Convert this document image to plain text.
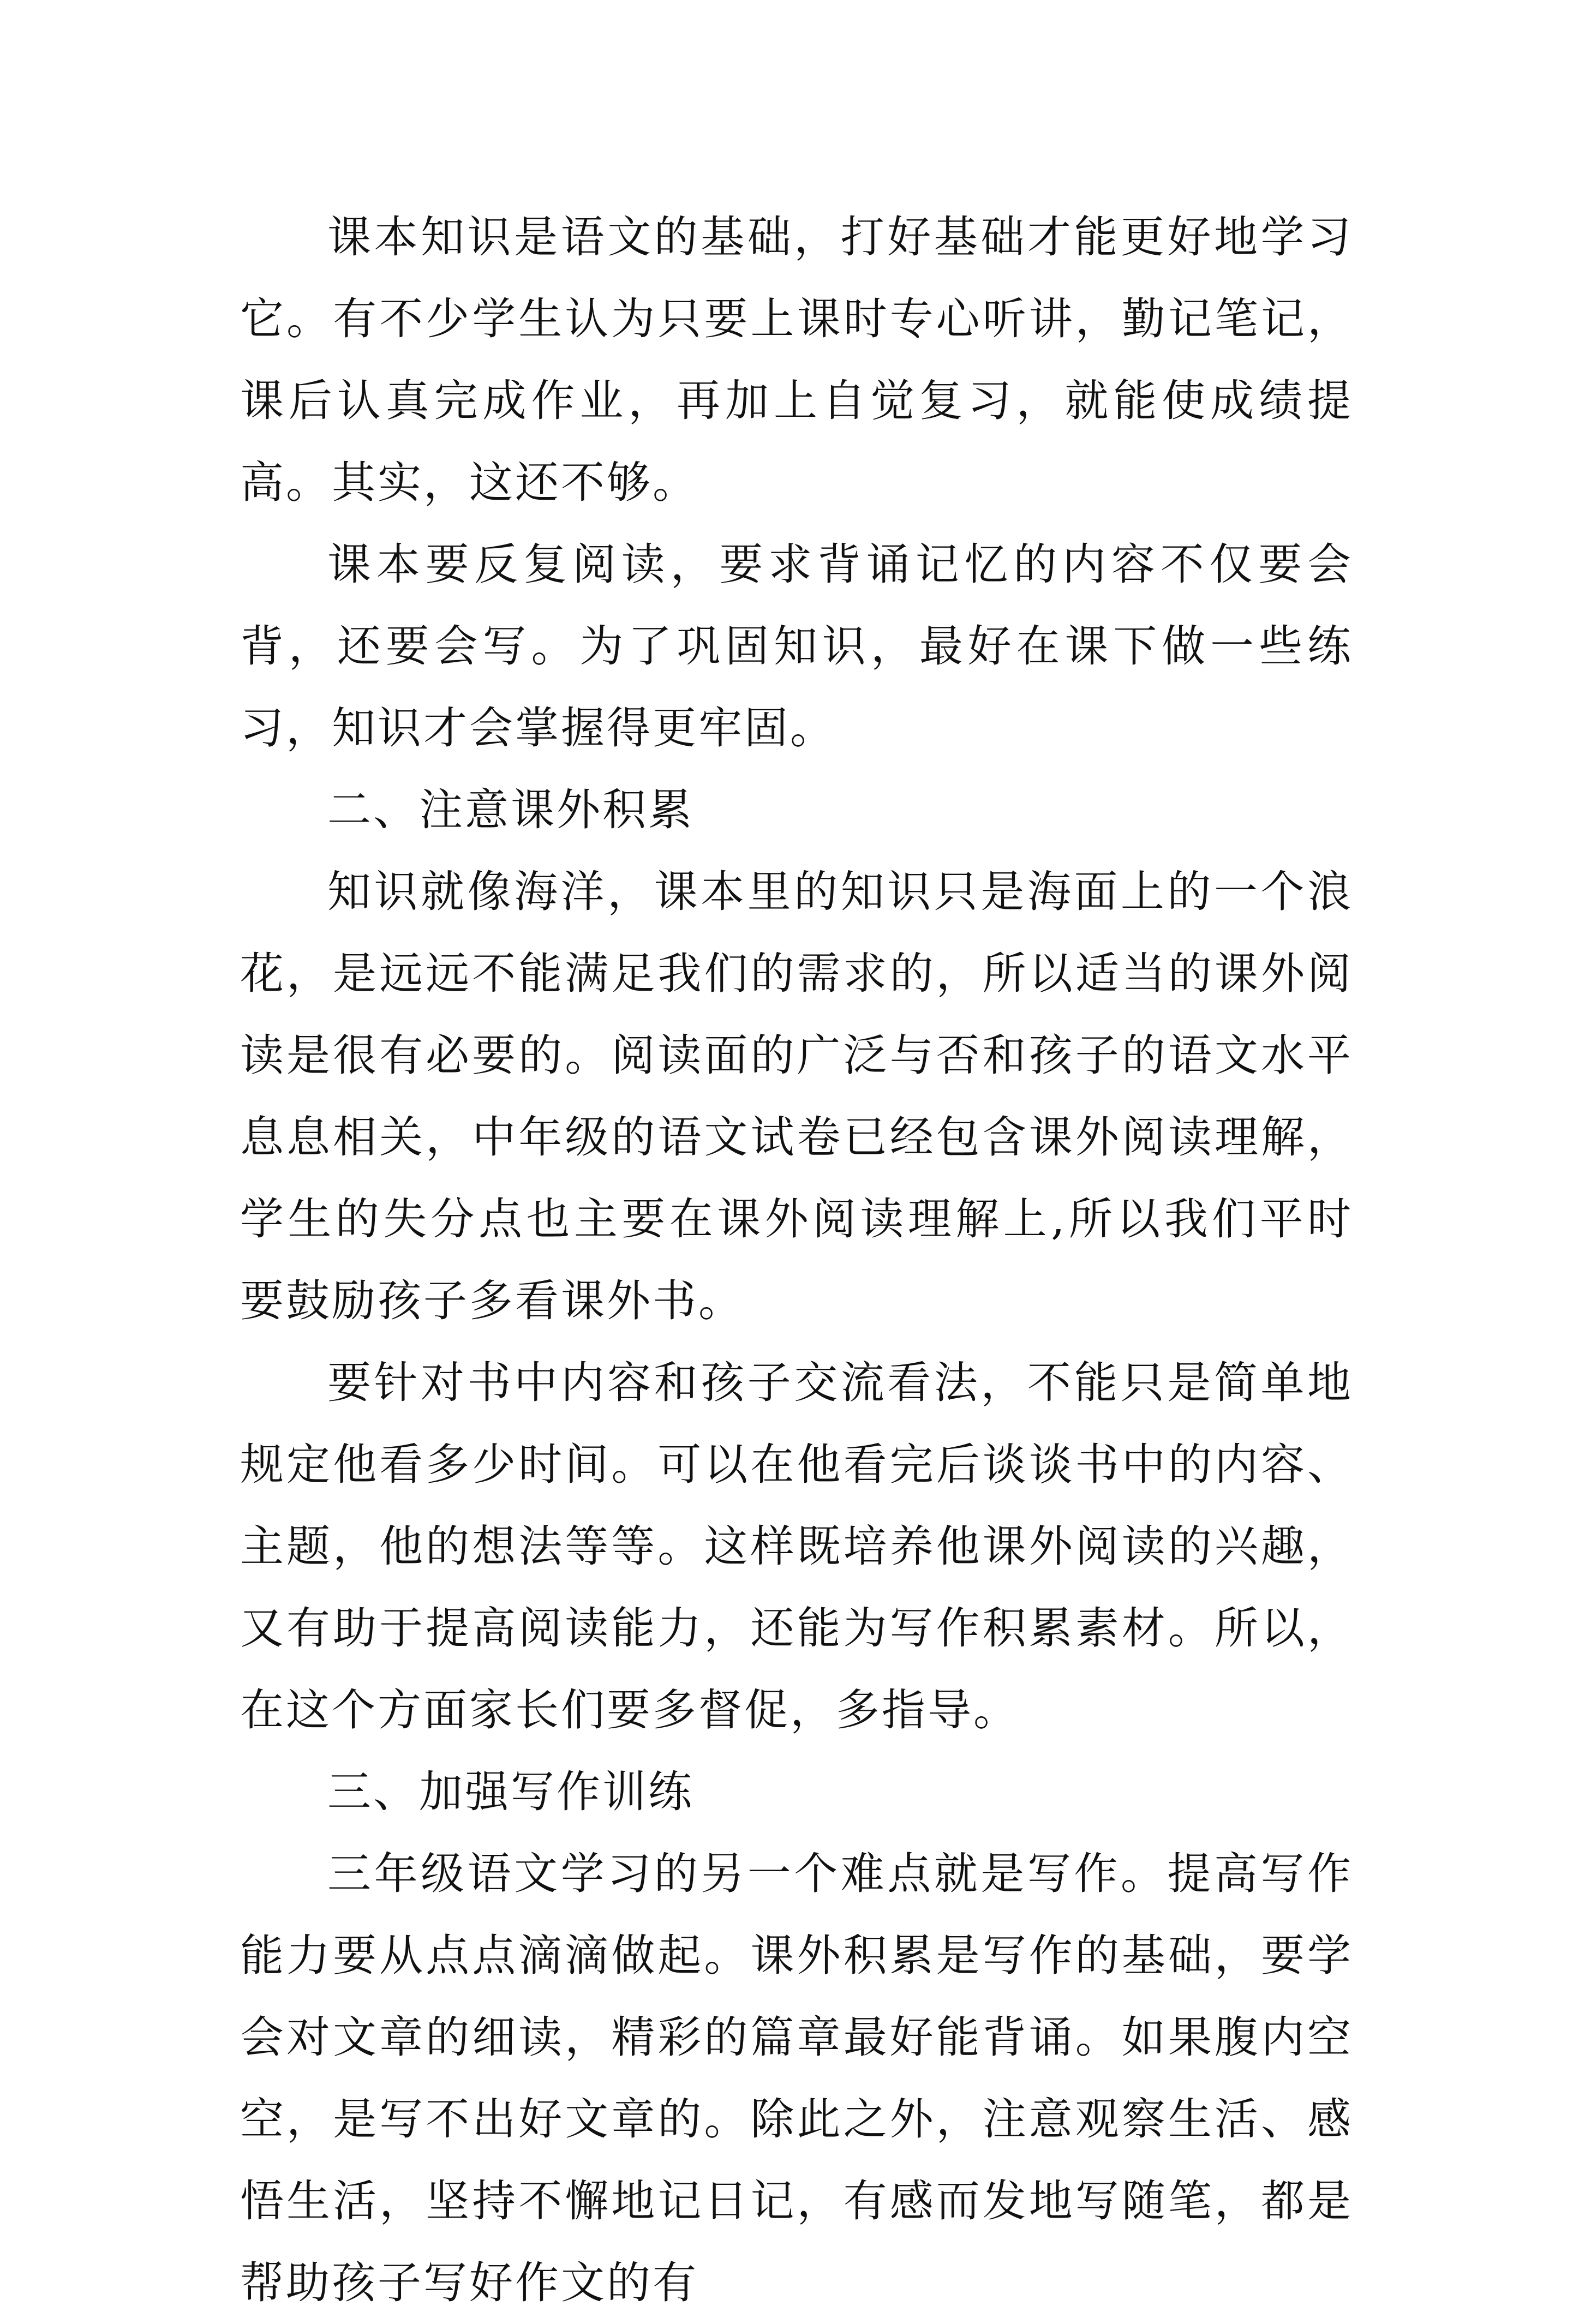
课本知识是语文的基础，打好基础才能更好地学习它。有不少学生认为只要上课时专心听讲，勤记笔记，课后认真完成作业，再加上自觉复习，就能使成绩提高。其实，这还不够。

课本要反复阅读，要求背诵记忆的内容不仅要会背，还要会写。为了巩固知识，最好在课下做一些练习，知识才会掌握得更牢固。

二、注意课外积累

知识就像海洋，课本里的知识只是海面上的一个浪花，是远远不能满足我们的需求的，所以适当的课外阅读是很有必要的。阅读面的广泛与否和孩子的语文水平息息相关，中年级的语文试卷已经包含课外阅读理解，学生的失分点也主要在课外阅读理解上,所以我们平时要鼓励孩子多看课外书。

要针对书中内容和孩子交流看法，不能只是简单地规定他看多少时间。可以在他看完后谈谈书中的内容、主题，他的想法等等。这样既培养他课外阅读的兴趣，又有助于提高阅读能力，还能为写作积累素材。所以，在这个方面家长们要多督促，多指导。

三、加强写作训练

三年级语文学习的另一个难点就是写作。提高写作能力要从点点滴滴做起。课外积累是写作的基础，要学会对文章的细读，精彩的篇章最好能背诵。如果腹内空空，是写不出好文章的。除此之外，注意观察生活、感悟生活，坚持不懈地记日记，有感而发地写随笔，都是帮助孩子写好作文的有
